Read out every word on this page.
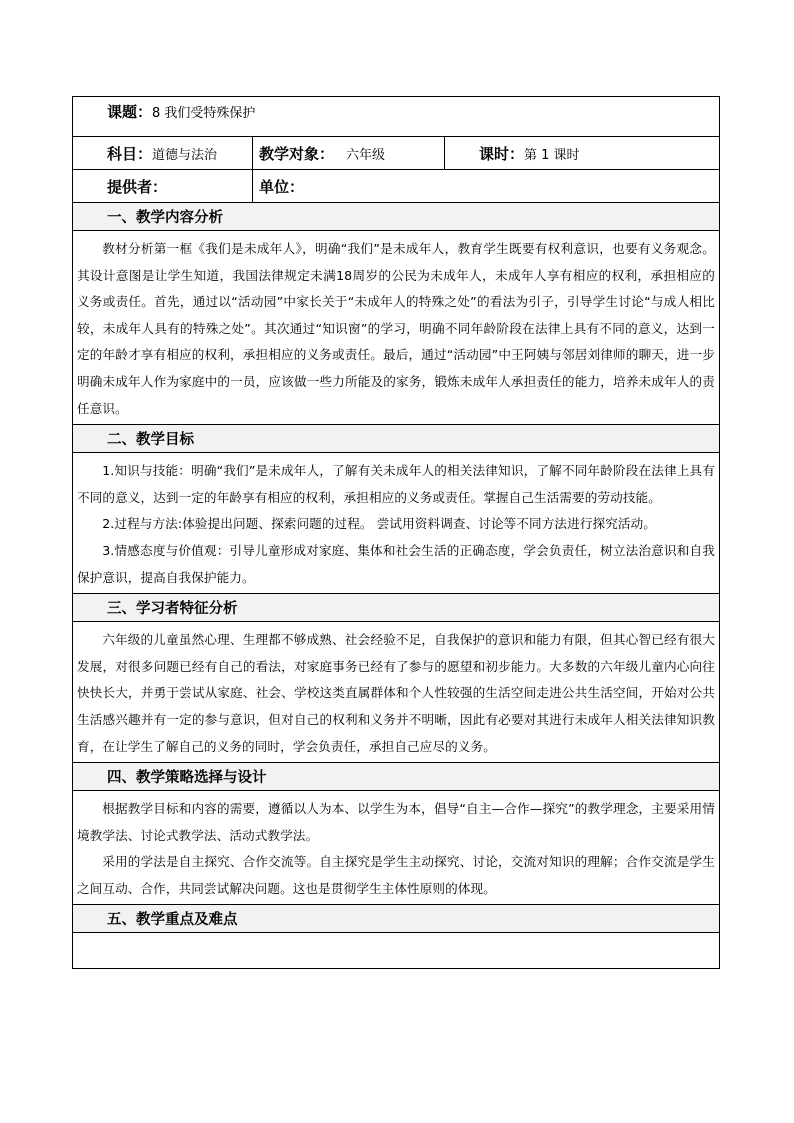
课题：8 我们受特殊保护
科目： 道德与法治	教学对象： 六年级	课时： 第 1 课时
提供者：	单位：
一、教学内容分析

教材分析第一框《我们是未成年人》，明确“我们”是未成年人，教育学生既要有权利意识，也要有义务观念。其设计意图是让学生知道，我国法律规定未满18周岁的公民为未成年人，未成年人享有相应的权利，承担相应的义务或责任。首先，通过以“活动园”中家长关于“未成年人的特殊之处”的看法为引子，引导学生讨论“与成人相比较，未成年人具有的特殊之处”。其次通过“知识窗”的学习，明确不同年龄阶段在法律上具有不同的意义，达到一定的年龄才享有相应的权利，承担相应的义务或责任。最后，通过“活动园”中王阿姨与邻居刘律师的聊天，进一步明确未成年人作为家庭中的一员，应该做一些力所能及的家务，锻炼未成年人承担责任的能力，培养未成年人的责任意识。

二、教学目标

1.知识与技能：明确“我们”是未成年人，了解有关未成年人的相关法律知识，了解不同年龄阶段在法律上具有不同的意义，达到一定的年龄享有相应的权利，承担相应的义务或责任。掌握自己生活需要的劳动技能。

2.过程与方法:体验提出问题、探索问题的过程。 尝试用资料调查、讨论等不同方法进行探究活动。

3.情感态度与价值观：引导儿童形成对家庭、集体和社会生活的正确态度，学会负责任，树立法治意识和自我保护意识，提高自我保护能力。

三、学习者特征分析

六年级的儿童虽然心理、生理都不够成熟、社会经验不足，自我保护的意识和能力有限，但其心智已经有很大发展，对很多问题已经有自己的看法，对家庭事务已经有了参与的愿望和初步能力。大多数的六年级儿童内心向往快快长大，并勇于尝试从家庭、社会、学校这类直属群体和个人性较强的生活空间走进公共生活空间，开始对公共生活感兴趣并有一定的参与意识，但对自己的权利和义务并不明晰，因此有必要对其进行未成年人相关法律知识教育，在让学生了解自己的义务的同时，学会负责任，承担自己应尽的义务。

四、教学策略选择与设计

根据教学目标和内容的需要，遵循以人为本、以学生为本，倡导“自主—合作—探究”的教学理念，主要采用情境教学法、讨论式教学法、活动式教学法。

采用的学法是自主探究、合作交流等。自主探究是学生主动探究、讨论，交流对知识的理解；合作交流是学生之间互动、合作，共同尝试解决问题。这也是贯彻学生主体性原则的体现。

五、教学重点及难点
